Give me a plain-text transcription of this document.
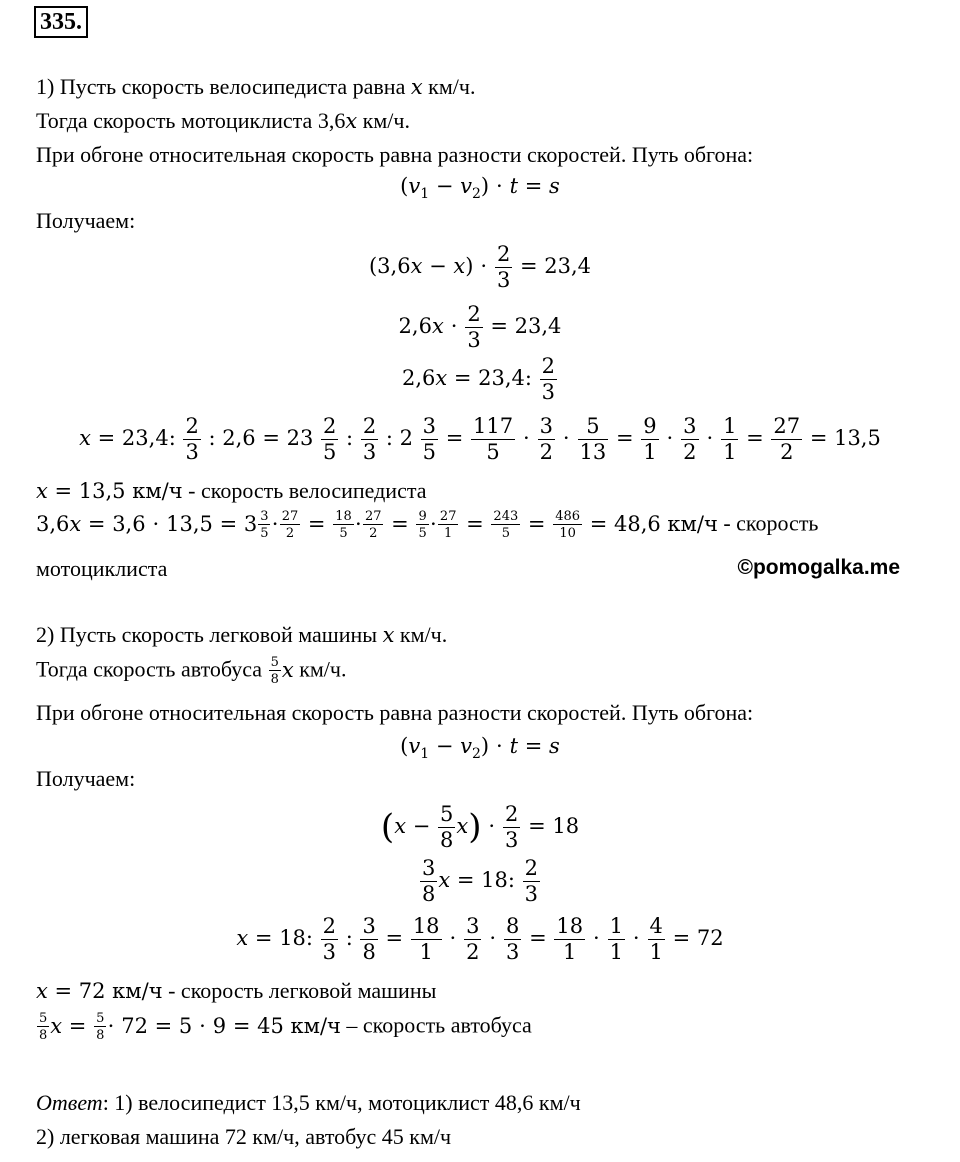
335.
1) Пусть скорость велосипедиста равна x км/ч.
Тогда скорость мотоциклиста 3,6x км/ч.
При обгоне относительная скорость равна разности скоростей. Путь обгона:
$(v_1 - v_2) \cdot t = s$
Получаем:
$(3,6x - x) \cdot \frac{2}{3} = 23,4$
$2,6x \cdot \frac{2}{3} = 23,4$
2,6x = 23,4: $\frac{2}{3}$
x = 23,4: $\frac{2}{3}$ : $2,6 = 23 \frac{2}{5}$ : $\frac{2}{3}$ : $2 \frac{3}{5} = \frac{117}{5} \cdot \frac{3}{2} \cdot \frac{5}{13} = \frac{9}{1} \cdot \frac{3}{2} \cdot \frac{1}{1} = \frac{27}{2} = 13,5$
x = 13,5 км/ч - скорость велосипедиста
$3,6x = 3,6 \cdot 13,5 = 3 \frac{3}{5} \cdot \frac{27}{2} = \frac{18}{5} \cdot \frac{27}{2} = \frac{9}{5} \cdot \frac{27}{1} = \frac{243}{5} = \frac{486}{10} = 48,6$ км/ч - скорость
мотоциклиста	©pomogalka.me
2) Пусть скорость легковой машины x км/ч.
Тогда скорость автобуса $\frac{5}{8}$ x км/ч.
При обгоне относительная скорость равна разности скоростей. Путь обгона:
$(v_1 - v_2) \cdot t = s$
Получаем:
$(x - \frac{5}{8} x) \cdot \frac{2}{3} = 18$
$\frac{3}{8}$ x = 18: $\frac{2}{3}$
x = 18: $\frac{2}{3}$ : $\frac{3}{8} = \frac{18}{1} \cdot \frac{3}{2} \cdot \frac{8}{3} = \frac{18}{1} \cdot \frac{1}{1} \cdot \frac{4}{1} = 72$
x = 72 км/ч - скорость легковой машины
$\frac{5}{8}$ $x = \frac{5}{8} \cdot 72 = 5 \cdot 9 = 45$ км/ч – скорость автобуса
Ответ: 1) велосипедист 13,5 км/ч, мотоциклист 48,6 км/ч
2) легковая машина 72 км/ч, автобус 45 км/ч
